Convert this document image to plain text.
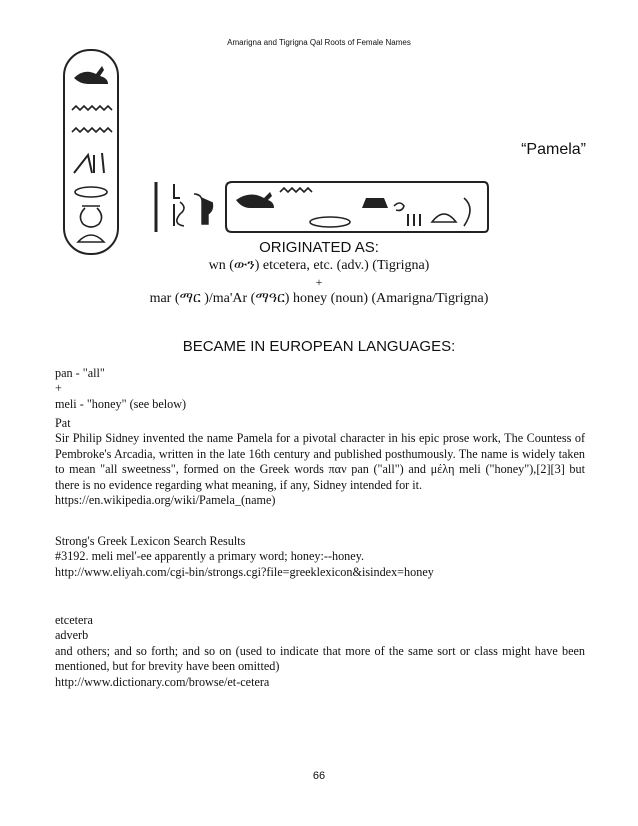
Amarigna and Tigrigna Qal Roots of Female Names
“Pamela”
ORIGINATED AS:
wn (ውን) etcetera, etc. (adv.) (Tigrigna)
+
mar (ማር )/ma'Ar (ማዓር) honey (noun) (Amarigna/Tigrigna)
BECAME IN EUROPEAN LANGUAGES:

pan - "all"

+

meli - "honey" (see below)

Pat

Sir Philip Sidney invented the name Pamela for a pivotal character in his epic prose work, The Countess of Pembroke's Arcadia, written in the late 16th century and published posthumously. The name is widely taken to mean "all sweetness", formed on the Greek words παν pan ("all") and μέλη meli ("honey"),[2][3] but there is no evidence regarding what meaning, if any, Sidney intended for it.

https://en.wikipedia.org/wiki/Pamela_(name)

Strong's Greek Lexicon Search Results

#3192. meli mel'-ee apparently a primary word; honey:--honey.

http://www.eliyah.com/cgi-bin/strongs.cgi?file=greeklexicon&isindex=honey

etcetera

adverb

and others; and so forth; and so on (used to indicate that more of the same sort or class might have been mentioned, but for brevity have been omitted)

http://www.dictionary.com/browse/et-cetera

66
